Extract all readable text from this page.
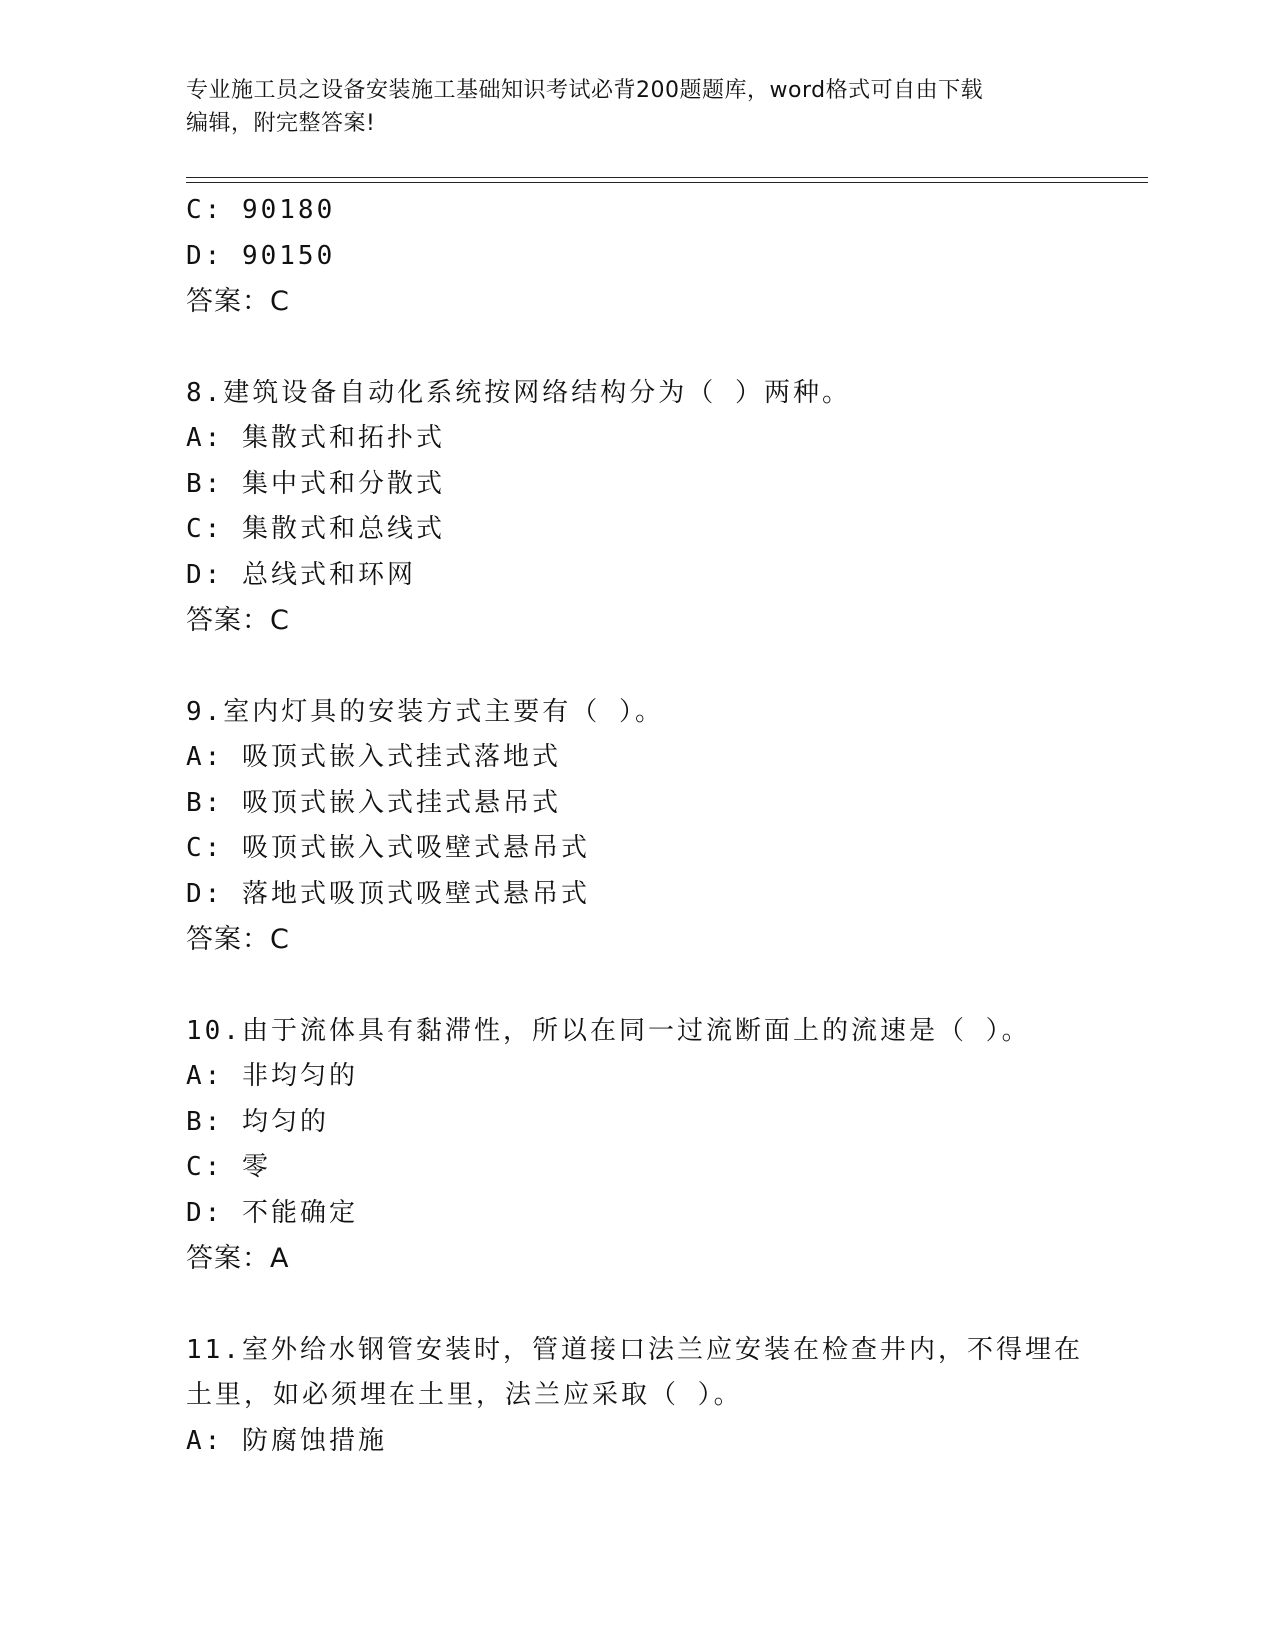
专业施工员之设备安装施工基础知识考试必背200题题库，word格式可自由下载
编辑，附完整答案!
C: 90180
D: 90150
答案：C
8.建筑设备自动化系统按网络结构分为（ ）两种。
A: 集散式和拓扑式
B: 集中式和分散式
C: 集散式和总线式
D: 总线式和环网
答案：C
9.室内灯具的安装方式主要有（ ）。
A: 吸顶式嵌入式挂式落地式
B: 吸顶式嵌入式挂式悬吊式
C: 吸顶式嵌入式吸壁式悬吊式
D: 落地式吸顶式吸壁式悬吊式
答案：C
10.由于流体具有黏滞性，所以在同一过流断面上的流速是（ ）。
A: 非均匀的
B: 均匀的
C: 零
D: 不能确定
答案：A
11.室外给水钢管安装时，管道接口法兰应安装在检查井内，不得埋在
土里，如必须埋在土里，法兰应采取（ ）。
A: 防腐蚀措施
